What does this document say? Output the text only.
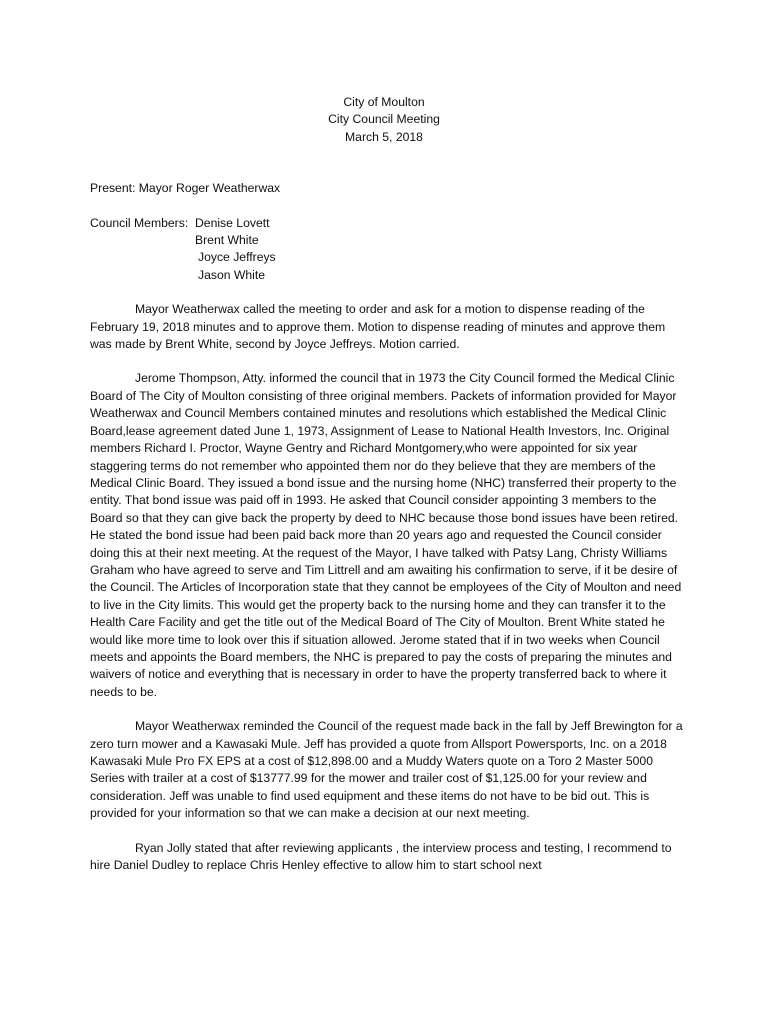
City of Moulton
City Council Meeting
March 5, 2018
Present: Mayor Roger Weatherwax
Council Members: Denise Lovett
Brent White
Joyce Jeffreys
Jason White

Mayor Weatherwax called the meeting to order and ask for a motion to dispense reading of the February 19, 2018 minutes and to approve them. Motion to dispense reading of minutes and approve them was made by Brent White, second by Joyce Jeffreys. Motion carried.

Jerome Thompson, Atty. informed the council that in 1973 the City Council formed the Medical Clinic Board of The City of Moulton consisting of three original members. Packets of information provided for Mayor Weatherwax and Council Members contained minutes and resolutions which established the Medical Clinic Board,lease agreement dated June 1, 1973, Assignment of Lease to National Health Investors, Inc. Original members Richard I. Proctor, Wayne Gentry and Richard Montgomery,who were appointed for six year staggering terms do not remember who appointed them nor do they believe that they are members of the Medical Clinic Board. They issued a bond issue and the nursing home (NHC) transferred their property to the entity. That bond issue was paid off in 1993. He asked that Council consider appointing 3 members to the Board so that they can give back the property by deed to NHC because those bond issues have been retired. He stated the bond issue had been paid back more than 20 years ago and requested the Council consider doing this at their next meeting. At the request of the Mayor, I have talked with Patsy Lang, Christy Williams Graham who have agreed to serve and Tim Littrell and am awaiting his confirmation to serve, if it be desire of the Council. The Articles of Incorporation state that they cannot be employees of the City of Moulton and need to live in the City limits. This would get the property back to the nursing home and they can transfer it to the Health Care Facility and get the title out of the Medical Board of The City of Moulton. Brent White stated he would like more time to look over this if situation allowed. Jerome stated that if in two weeks when Council meets and appoints the Board members, the NHC is prepared to pay the costs of preparing the minutes and waivers of notice and everything that is necessary in order to have the property transferred back to where it needs to be.

Mayor Weatherwax reminded the Council of the request made back in the fall by Jeff Brewington for a zero turn mower and a Kawasaki Mule. Jeff has provided a quote from Allsport Powersports, Inc. on a 2018 Kawasaki Mule Pro FX EPS at a cost of $12,898.00 and a Muddy Waters quote on a Toro 2 Master 5000 Series with trailer at a cost of $13777.99 for the mower and trailer cost of $1,125.00 for your review and consideration. Jeff was unable to find used equipment and these items do not have to be bid out. This is provided for your information so that we can make a decision at our next meeting.

Ryan Jolly stated that after reviewing applicants , the interview process and testing, I recommend to hire Daniel Dudley to replace Chris Henley effective to allow him to start school next
